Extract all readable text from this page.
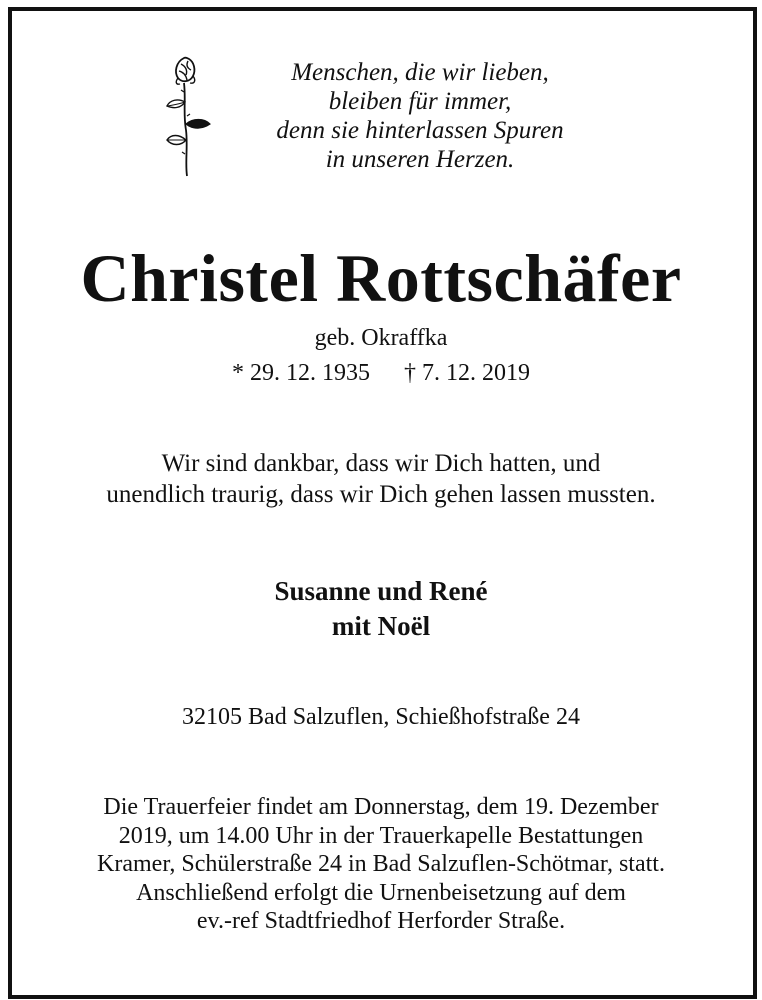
Menschen, die wir lieben,
bleiben für immer,
denn sie hinterlassen Spuren
in unseren Herzen.
Christel Rottschäfer
geb. Okraffka
* 29. 12. 1935 † 7. 12. 2019
Wir sind dankbar, dass wir Dich hatten, und
unendlich traurig, dass wir Dich gehen lassen mussten.
Susanne und René
mit Noël
32105 Bad Salzuflen, Schießhofstraße 24
Die Trauerfeier findet am Donnerstag, dem 19. Dezember
2019, um 14.00 Uhr in der Trauerkapelle Bestattungen
Kramer, Schülerstraße 24 in Bad Salzuflen-Schötmar, statt.
Anschließend erfolgt die Urnenbeisetzung auf dem
ev.-ref Stadtfriedhof Herforder Straße.
